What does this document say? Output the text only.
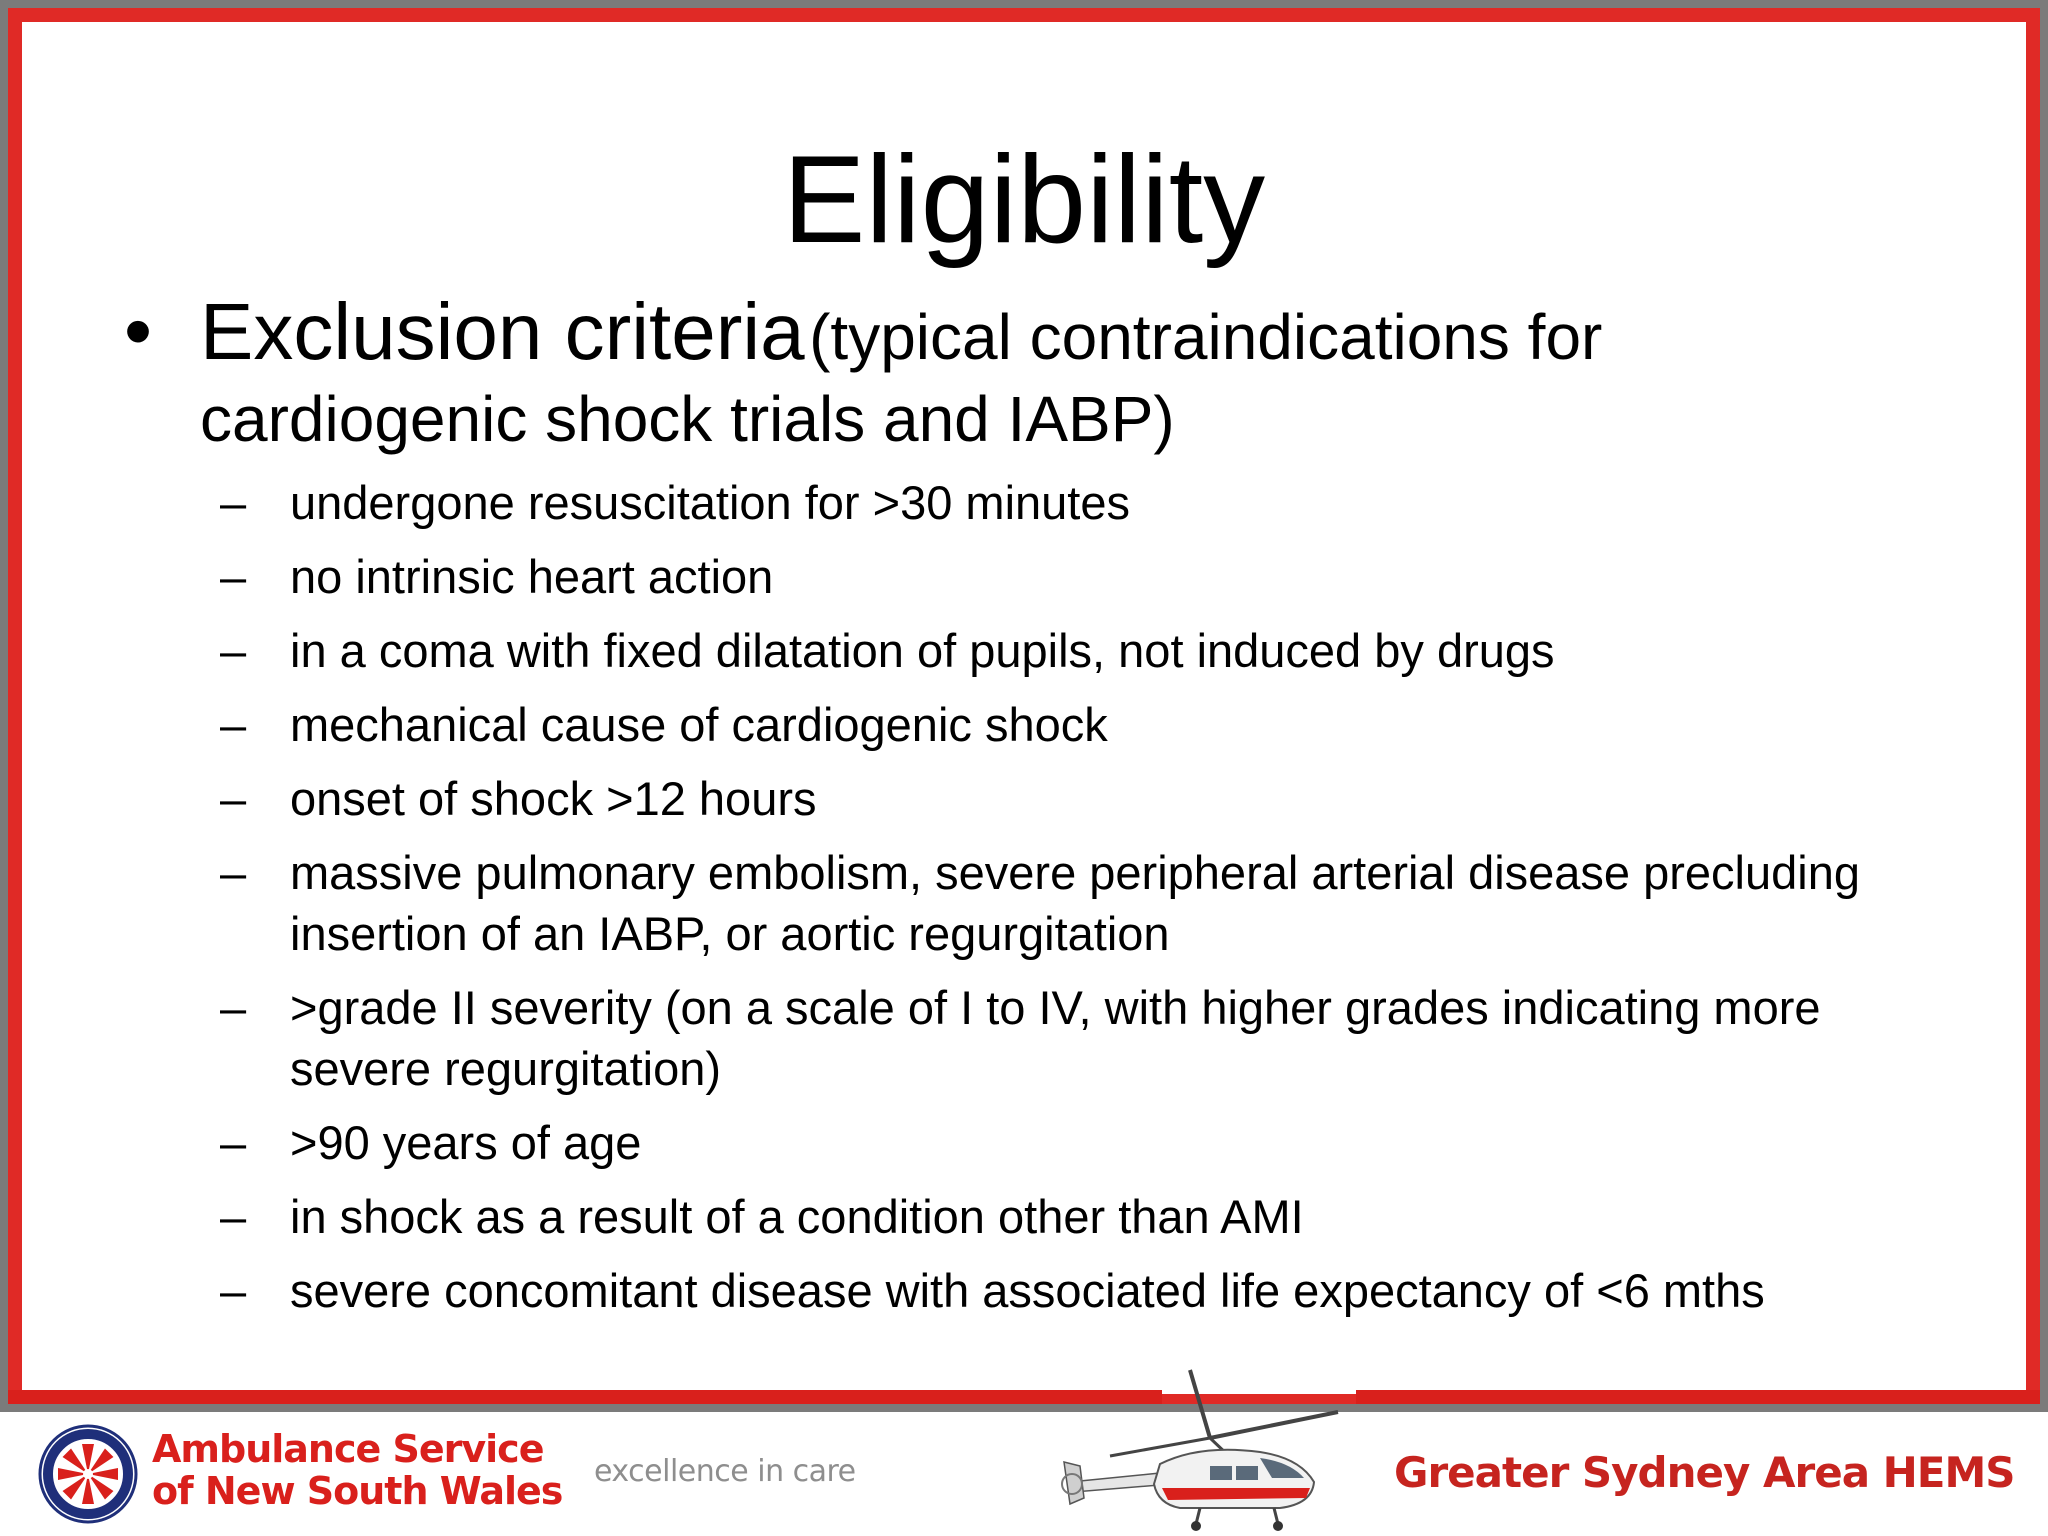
Eligibility
• Exclusion criteria (typical contraindications for
cardiogenic shock trials and IABP)
– undergone resuscitation for >30 minutes
– no intrinsic heart action
– in a coma with fixed dilatation of pupils, not induced by drugs
– mechanical cause of cardiogenic shock
– onset of shock >12 hours
– massive pulmonary embolism, severe peripheral arterial disease precluding insertion of an IABP, or aortic regurgitation
– >grade II severity (on a scale of I to IV, with higher grades indicating more severe regurgitation)
– >90 years of age
– in shock as a result of a condition other than AMI
– severe concomitant disease with associated life expectancy of <6 mths
Ambulance Service
of New South Wales excellence in care	Greater Sydney Area HEMS
